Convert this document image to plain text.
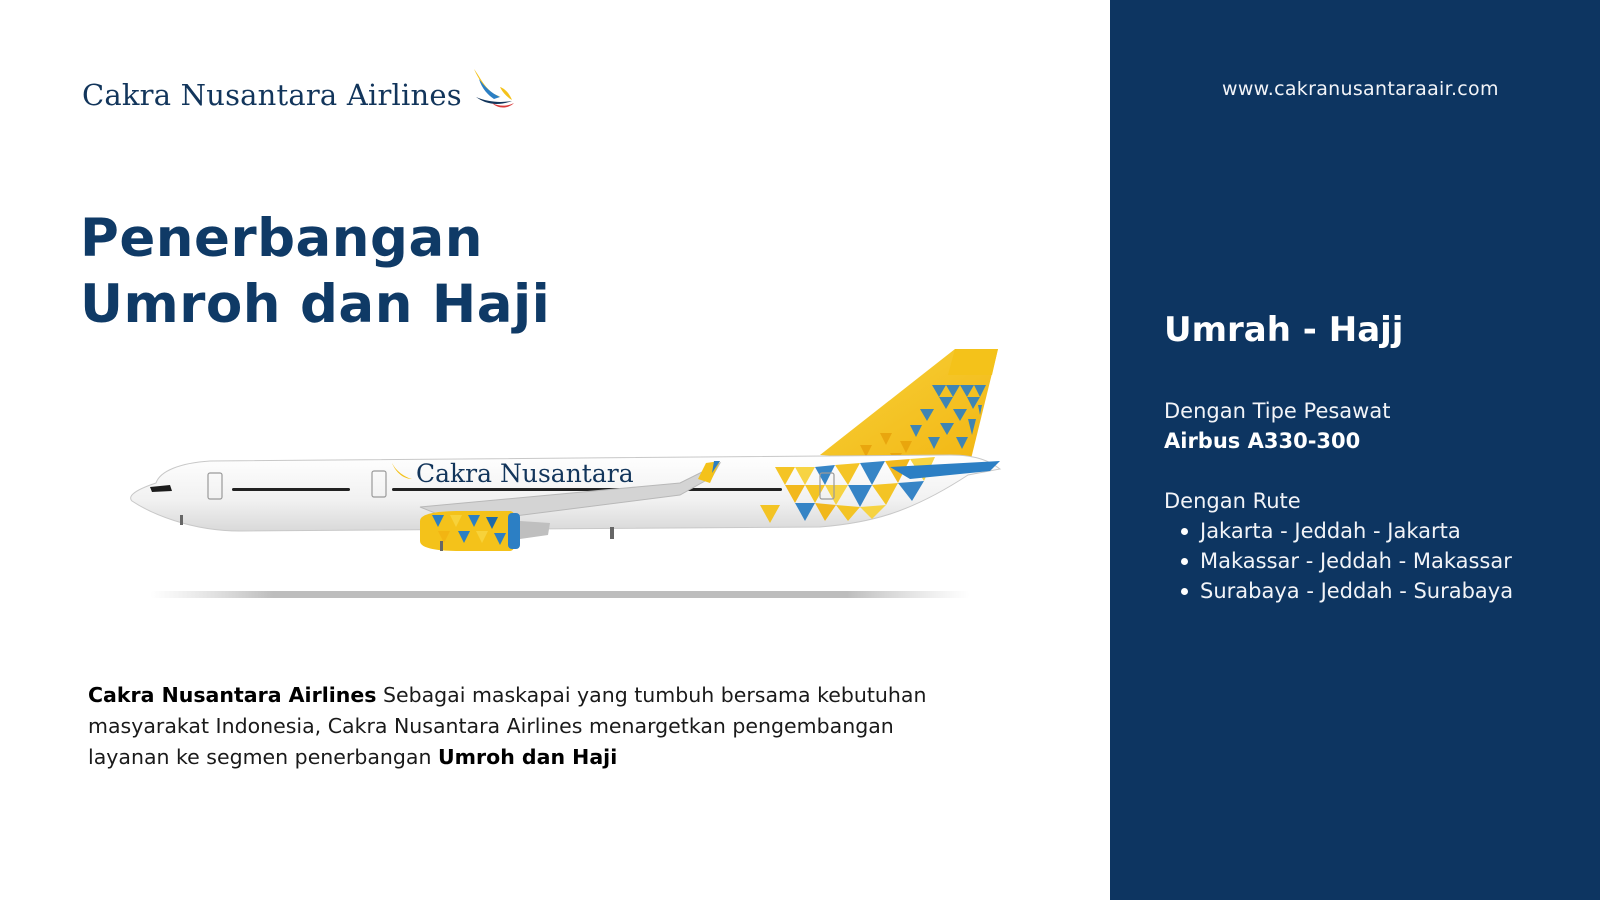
Cakra Nusantara Airlines
Penerbangan
Umroh dan Haji
Cakra Nusantara

Cakra Nusantara Airlines Sebagai maskapai yang tumbuh bersama kebutuhan masyarakat Indonesia, Cakra Nusantara Airlines menargetkan pengembangan layanan ke segmen penerbangan Umroh dan Haji

www.cakranusantaraair.com
Umrah - Hajj
Dengan Tipe Pesawat
Airbus A330-300
Dengan Rute
Jakarta - Jeddah - Jakarta
Makassar - Jeddah - Makassar
Surabaya - Jeddah - Surabaya
